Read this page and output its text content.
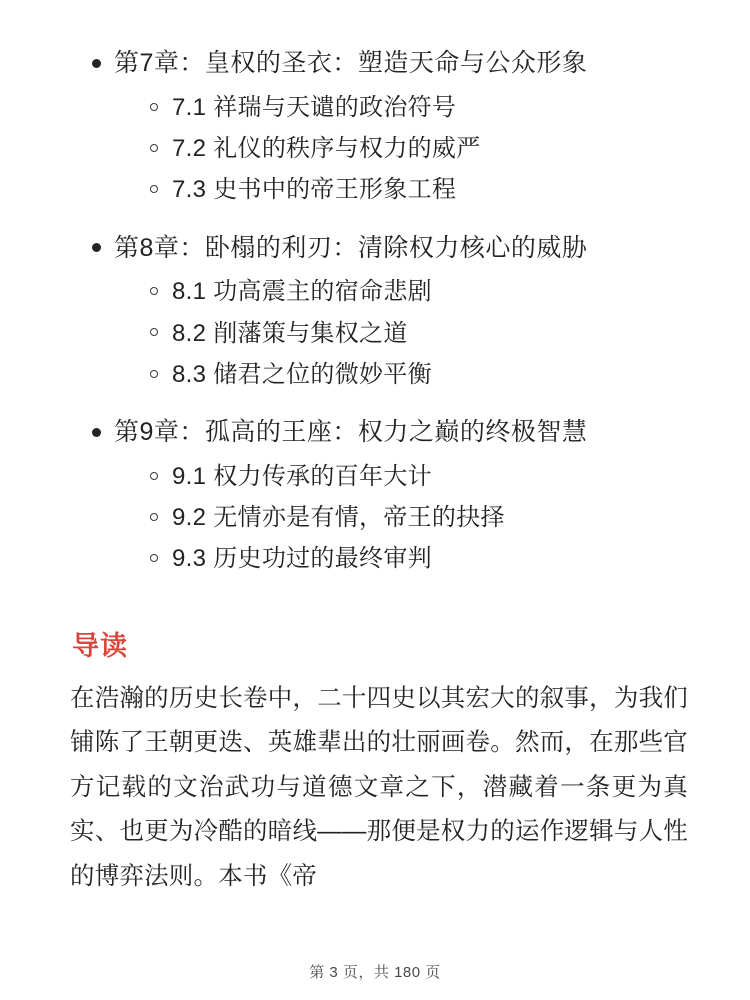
第7章：皇权的圣衣：塑造天命与公众形象
7.1 祥瑞与天谴的政治符号
7.2 礼仪的秩序与权力的威严
7.3 史书中的帝王形象工程
第8章：卧榻的利刃：清除权力核心的威胁
8.1 功高震主的宿命悲剧
8.2 削藩策与集权之道
8.3 储君之位的微妙平衡
第9章：孤高的王座：权力之巅的终极智慧
9.1 权力传承的百年大计
9.2 无情亦是有情，帝王的抉择
9.3 历史功过的最终审判
导读

在浩瀚的历史长卷中，二十四史以其宏大的叙事，为我们铺陈了王朝更迭、英雄辈出的壮丽画卷。然而，在那些官方记载的文治武功与道德文章之下，潜藏着一条更为真实、也更为冷酷的暗线——那便是权力的运作逻辑与人性的博弈法则。本书《帝

第 3 页，共 180 页
